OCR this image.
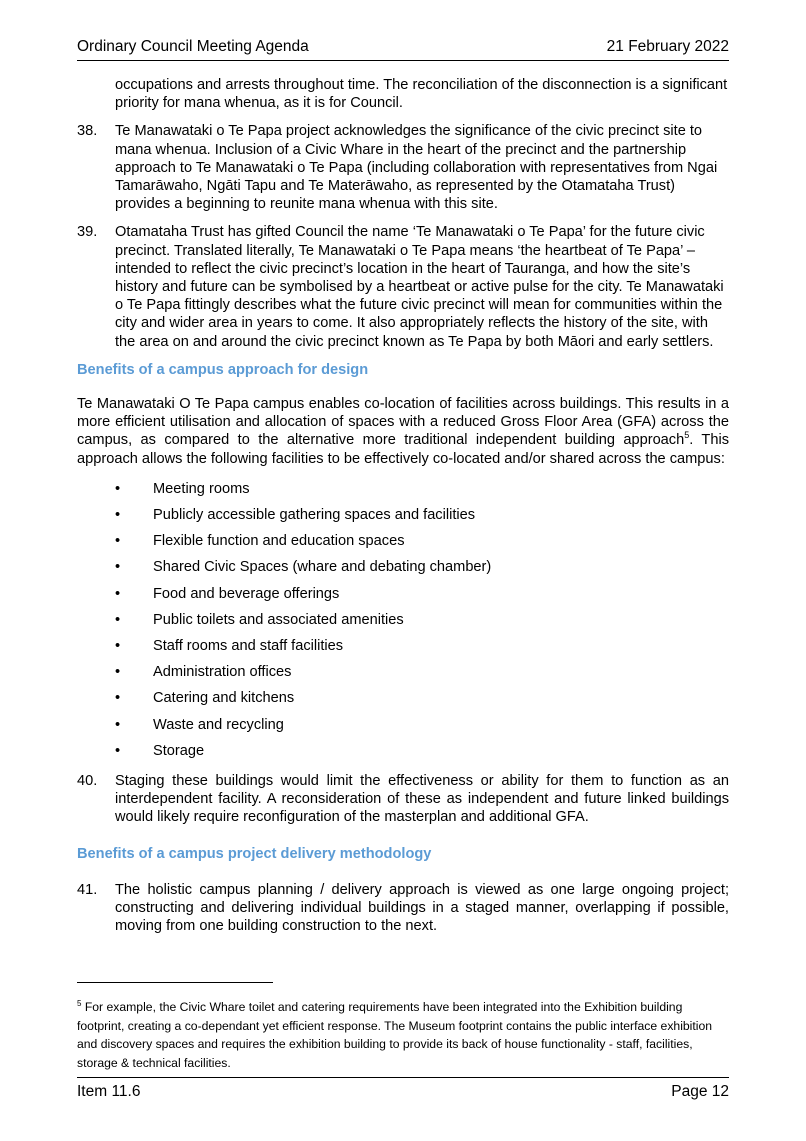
Ordinary Council Meeting Agenda	21 February 2022

occupations and arrests throughout time. The reconciliation of the disconnection is a significant priority for mana whenua, as it is for Council.

38.	Te Manawataki o Te Papa project acknowledges the significance of the civic precinct site to mana whenua. Inclusion of a Civic Whare in the heart of the precinct and the partnership approach to Te Manawataki o Te Papa (including collaboration with representatives from Ngai Tamarāwaho, Ngāti Tapu and Te Materāwaho, as represented by the Otamataha Trust) provides a beginning to reunite mana whenua with this site.
39.	Otamataha Trust has gifted Council the name ‘Te Manawataki o Te Papa’ for the future civic precinct. Translated literally, Te Manawataki o Te Papa means ‘the heartbeat of Te Papa’ – intended to reflect the civic precinct’s location in the heart of Tauranga, and how the site’s history and future can be symbolised by a heartbeat or active pulse for the city. Te Manawataki o Te Papa fittingly describes what the future civic precinct will mean for communities within the city and wider area in years to come. It also appropriately reflects the history of the site, with the area on and around the civic precinct known as Te Papa by both Māori and early settlers.
Benefits of a campus approach for design

Te Manawataki O Te Papa campus enables co-location of facilities across buildings. This results in a more efficient utilisation and allocation of spaces with a reduced Gross Floor Area (GFA) across the campus, as compared to the alternative more traditional independent building approach$^5$. This approach allows the following facilities to be effectively co-located and/or shared across the campus:

• Meeting rooms
• Publicly accessible gathering spaces and facilities
• Flexible function and education spaces
• Shared Civic Spaces (whare and debating chamber)
• Food and beverage offerings
• Public toilets and associated amenities
• Staff rooms and staff facilities
• Administration offices
• Catering and kitchens
• Waste and recycling
• Storage
40.	Staging these buildings would limit the effectiveness or ability for them to function as an interdependent facility. A reconsideration of these as independent and future linked buildings would likely require reconfiguration of the masterplan and additional GFA.
Benefits of a campus project delivery methodology
41.	The holistic campus planning / delivery approach is viewed as one large ongoing project; constructing and delivering individual buildings in a staged manner, overlapping if possible, moving from one building construction to the next.
$^5$ For example, the Civic Whare toilet and catering requirements have been integrated into the Exhibition building footprint, creating a co-dependant yet efficient response. The Museum footprint contains the public interface exhibition and discovery spaces and requires the exhibition building to provide its back of house functionality - staff, facilities, storage & technical facilities.
Item 11.6	Page 12
